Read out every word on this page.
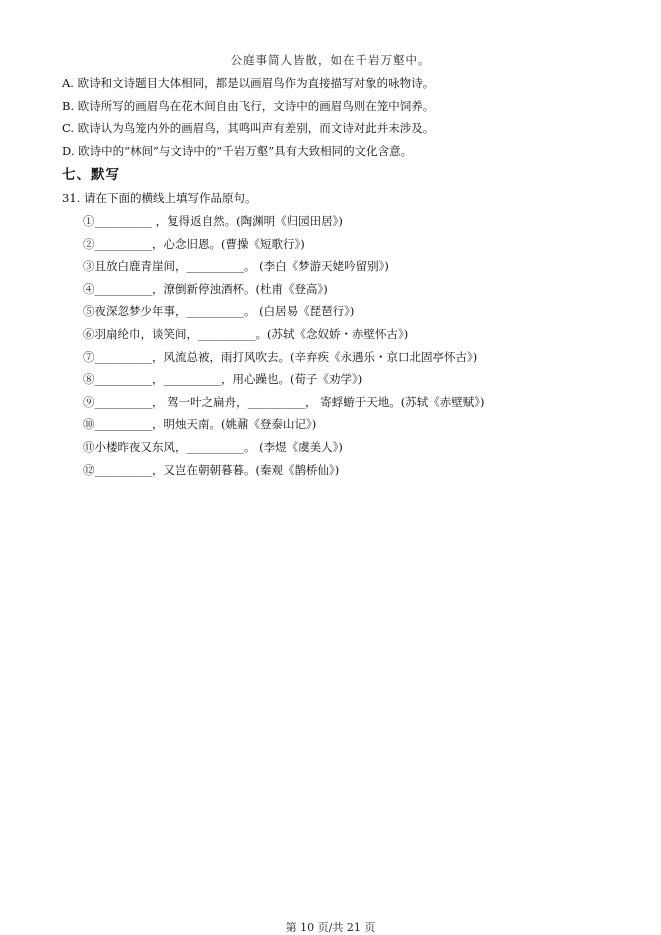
公庭事简人皆散，如在千岩万壑中。
A. 欧诗和文诗题目大体相同，都是以画眉鸟作为直接描写对象的咏物诗。
B. 欧诗所写的画眉鸟在花木间自由飞行，文诗中的画眉鸟则在笼中饲养。
C. 欧诗认为鸟笼内外的画眉鸟，其鸣叫声有差别，而文诗对此并未涉及。
D. 欧诗中的“林间”与文诗中的“千岩万壑”具有大致相同的文化含意。
七、默写
31. 请在下面的横线上填写作品原句。
①__________ ，复得返自然。(陶渊明《归园田居》)
②__________，心念旧恩。(曹操《短歌行》)
③且放白鹿青崖间，__________。 (李白《梦游天姥吟留别》)
④__________，潦倒新停浊酒杯。(杜甫《登高》)
⑤夜深忽梦少年事，__________。 (白居易《琵琶行》)
⑥羽扇纶巾，谈笑间，__________。(苏轼《念奴娇・赤壁怀古》)
⑦__________，风流总被，雨打风吹去。(辛弃疾《永遇乐・京口北固亭怀古》)
⑧__________，__________，用心躁也。(荀子《劝学》)
⑨__________， 驾一叶之扁舟，__________， 寄蜉蝣于天地。(苏轼《赤壁赋》)
⑩__________，明烛天南。(姚鼐《登泰山记》)
⑪小楼昨夜又东风，__________。 (李煜《虞美人》)
⑫__________，又岂在朝朝暮暮。(秦观《鹊桥仙》)
第 10 页/共 21 页
